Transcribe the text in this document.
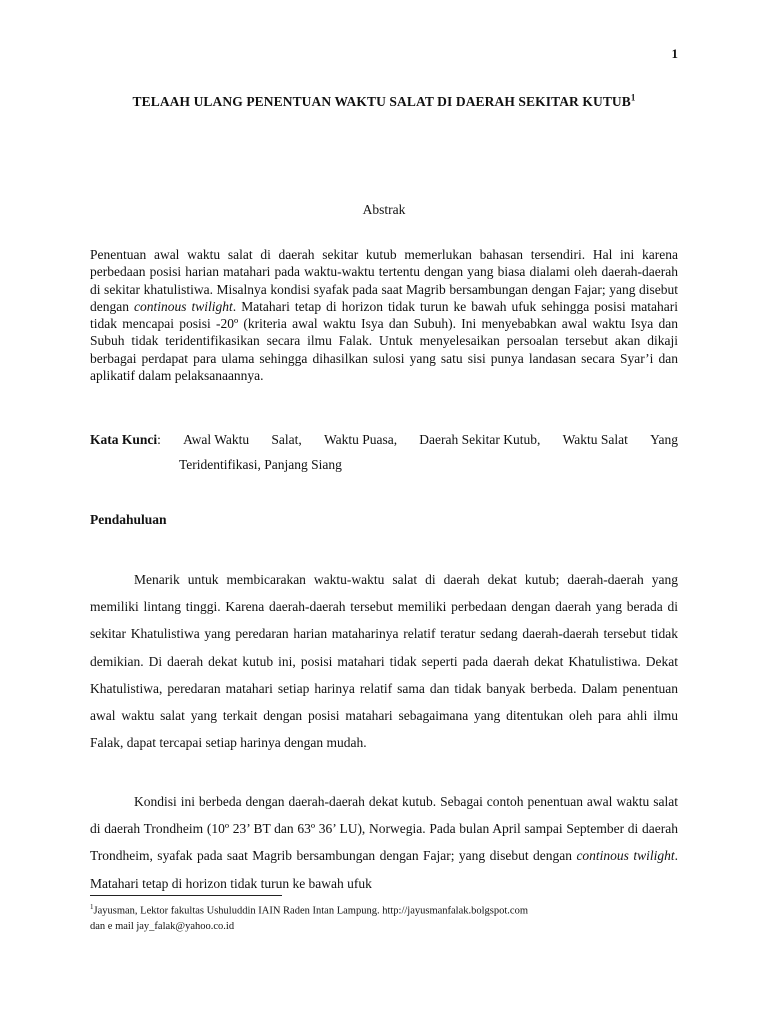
1
TELAAH ULANG PENENTUAN WAKTU SALAT DI DAERAH SEKITAR KUTUB$^1$
Abstrak
Penentuan awal waktu salat di daerah sekitar kutub memerlukan bahasan tersendiri. Hal ini karena perbedaan posisi harian matahari pada waktu-waktu tertentu dengan yang biasa dialami oleh daerah-daerah di sekitar khatulistiwa. Misalnya kondisi syafak pada saat Magrib bersambungan dengan Fajar; yang disebut dengan continous twilight. Matahari tetap di horizon tidak turun ke bawah ufuk sehingga posisi matahari tidak mencapai posisi -20º (kriteria awal waktu Isya dan Subuh). Ini menyebabkan awal waktu Isya dan Subuh tidak teridentifikasikan secara ilmu Falak. Untuk menyelesaikan persoalan tersebut akan dikaji berbagai perdapat para ulama sehingga dihasilkan sulosi yang satu sisi punya landasan secara Syar’i dan aplikatif dalam pelaksanaannya.
Kata Kunci: Awal Waktu Salat, Waktu Puasa, Daerah Sekitar Kutub, Waktu Salat Yang
Teridentifikasi, Panjang Siang
Pendahuluan
Menarik untuk membicarakan waktu-waktu salat di daerah dekat kutub; daerah-daerah yang memiliki lintang tinggi. Karena daerah-daerah tersebut memiliki perbedaan dengan daerah yang berada di sekitar Khatulistiwa yang peredaran harian mataharinya relatif teratur sedang daerah-daerah tersebut tidak demikian. Di daerah dekat kutub ini, posisi matahari tidak seperti pada daerah dekat Khatulistiwa. Dekat Khatulistiwa, peredaran matahari setiap harinya relatif sama dan tidak banyak berbeda. Dalam penentuan awal waktu salat yang terkait dengan posisi matahari sebagaimana yang ditentukan oleh para ahli ilmu Falak, dapat tercapai setiap harinya dengan mudah.
Kondisi ini berbeda dengan daerah-daerah dekat kutub. Sebagai contoh penentuan awal waktu salat di daerah Trondheim (10º 23’ BT dan 63º 36’ LU), Norwegia. Pada bulan April sampai September di daerah Trondheim, syafak pada saat Magrib bersambungan dengan Fajar; yang disebut dengan continous twilight. Matahari tetap di horizon tidak turun ke bawah ufuk
$^1$Jayusman, Lektor fakultas Ushuluddin IAIN Raden Intan Lampung. http://jayusmanfalak.bolgspot.com
dan e mail jay_falak@yahoo.co.id
